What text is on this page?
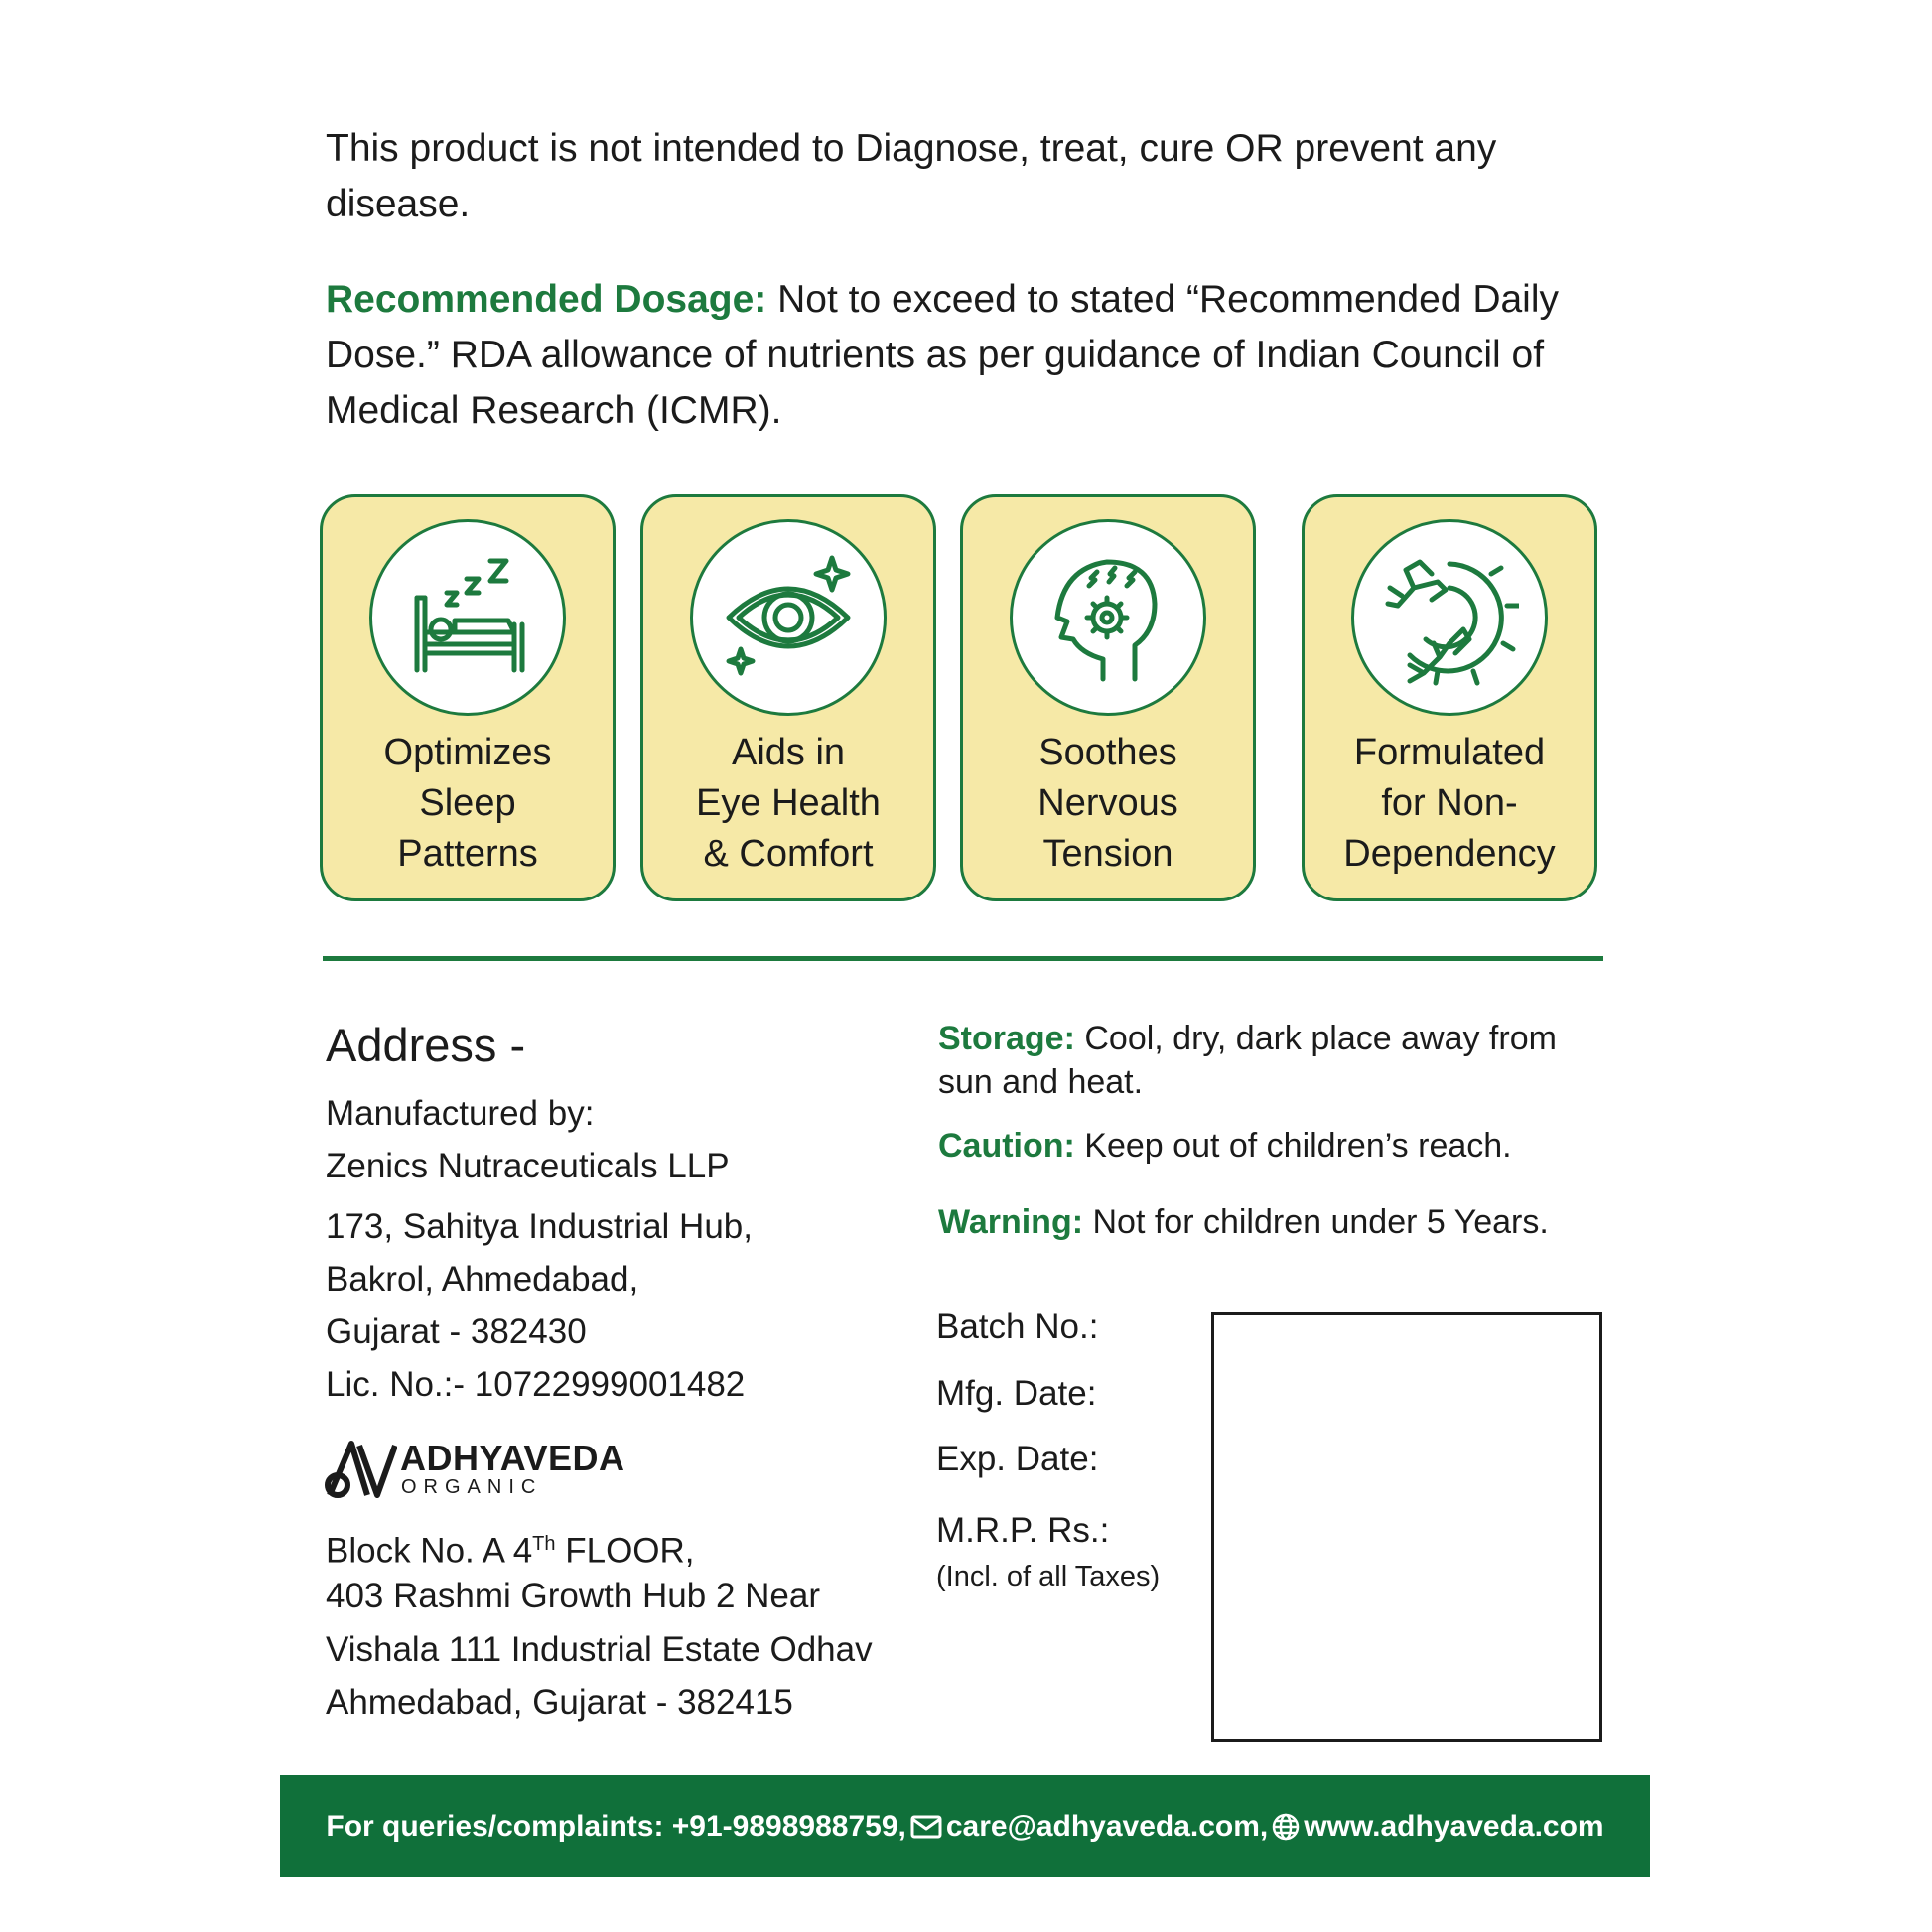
This product is not intended to Diagnose, treat, cure OR prevent any disease.

Recommended Dosage: Not to exceed to stated “Recommended Daily Dose.” RDA allowance of nutrients as per guidance of Indian Council of Medical Research (ICMR).

Optimizes
Sleep
Patterns
Aids in
Eye Health
& Comfort
Soothes
Nervous
Tension
Formulated
for Non-
Dependency
Address -
Manufactured by:
Zenics Nutraceuticals LLP
173, Sahitya Industrial Hub,
Bakrol, Ahmedabad,
Gujarat - 382430
Lic. No.:- 10722999001482
ADHYAVEDA
ORGANIC
Block No. A 4Th FLOOR,
403 Rashmi Growth Hub 2 Near
Vishala 111 Industrial Estate Odhav
Ahmedabad, Gujarat - 382415

Storage: Cool, dry, dark place away from sun and heat.

Caution: Keep out of children’s reach.

Warning: Not for children under 5 Years.

Batch No.:
Mfg. Date:
Exp. Date:
M.R.P. Rs.:
(Incl. of all Taxes)
For queries/complaints: +91-9898988759, care@adhyaveda.com, www.adhyaveda.com
